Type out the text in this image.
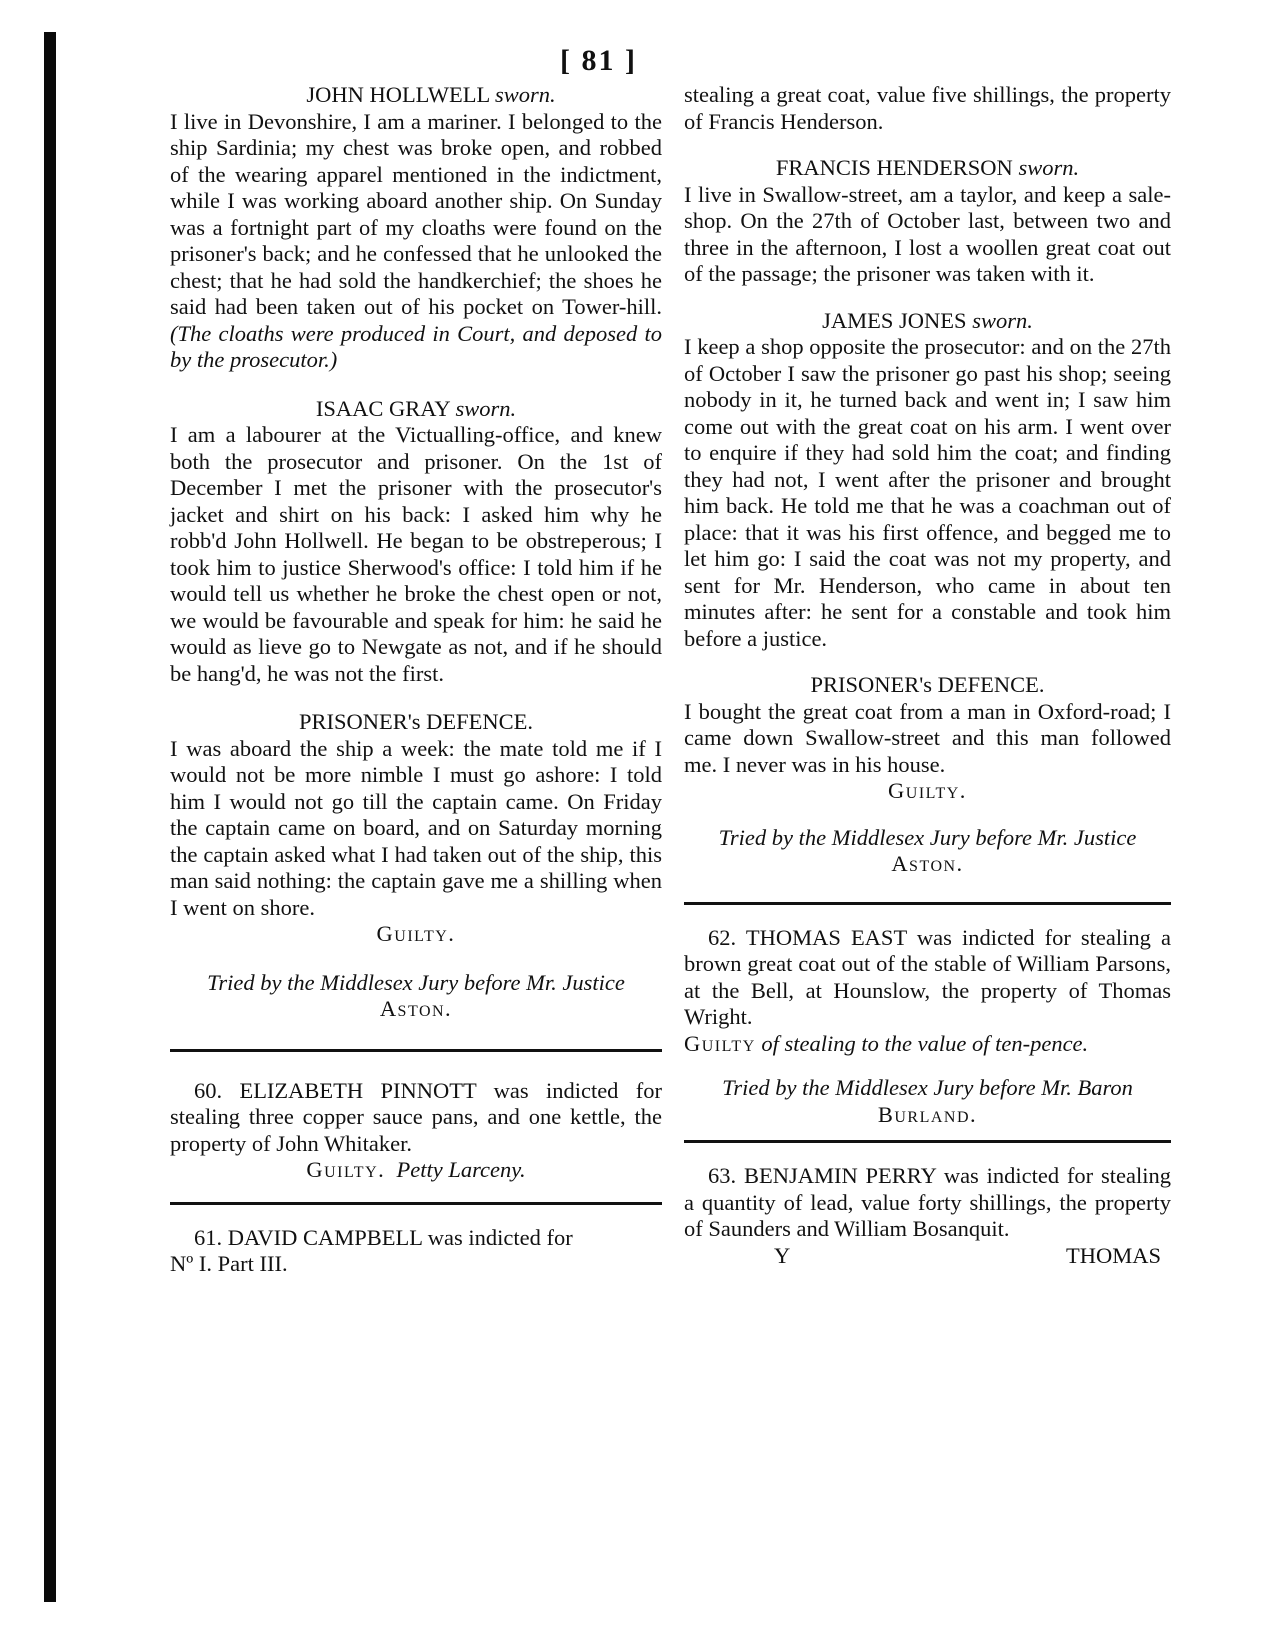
[ 81 ]

JOHN HOLLWELL sworn.

I live in Devonshire, I am a mariner. I belonged to the ship Sardinia; my chest was broke open, and robbed of the wearing apparel mentioned in the indictment, while I was working aboard another ship. On Sunday was a fortnight part of my cloaths were found on the prisoner's back; and he confessed that he unlooked the chest; that he had sold the handkerchief; the shoes he said had been taken out of his pocket on Tower-hill. (The cloaths were produced in Court, and deposed to by the prosecutor.)

ISAAC GRAY sworn.

I am a labourer at the Victualling-office, and knew both the prosecutor and prisoner. On the 1st of December I met the prisoner with the prosecutor's jacket and shirt on his back: I asked him why he robb'd John Hollwell. He began to be obstreperous; I took him to justice Sherwood's office: I told him if he would tell us whether he broke the chest open or not, we would be favourable and speak for him: he said he would as lieve go to Newgate as not, and if he should be hang'd, he was not the first.

PRISONER's DEFENCE.

I was aboard the ship a week: the mate told me if I would not be more nimble I must go ashore: I told him I would not go till the captain came. On Friday the captain came on board, and on Saturday morning the captain asked what I had taken out of the ship, this man said nothing: the captain gave me a shilling when I went on shore.

Guilty.

Tried by the Middlesex Jury before Mr. Justice

Aston.

60. ELIZABETH PINNOTT was indicted for stealing three copper sauce pans, and one kettle, the property of John Whitaker.

Guilty. Petty Larceny.

61. DAVID CAMPBELL was indicted for

Nº I. Part III.

stealing a great coat, value five shillings, the property of Francis Henderson.

FRANCIS HENDERSON sworn.

I live in Swallow-street, am a taylor, and keep a sale-shop. On the 27th of October last, between two and three in the afternoon, I lost a woollen great coat out of the passage; the prisoner was taken with it.

JAMES JONES sworn.

I keep a shop opposite the prosecutor: and on the 27th of October I saw the prisoner go past his shop; seeing nobody in it, he turned back and went in; I saw him come out with the great coat on his arm. I went over to enquire if they had sold him the coat; and finding they had not, I went after the prisoner and brought him back. He told me that he was a coachman out of place: that it was his first offence, and begged me to let him go: I said the coat was not my property, and sent for Mr. Henderson, who came in about ten minutes after: he sent for a constable and took him before a justice.

PRISONER's DEFENCE.

I bought the great coat from a man in Oxford-road; I came down Swallow-street and this man followed me. I never was in his house.

Guilty.

Tried by the Middlesex Jury before Mr. Justice

Aston.

62. THOMAS EAST was indicted for stealing a brown great coat out of the stable of William Parsons, at the Bell, at Hounslow, the property of Thomas Wright.

Guilty of stealing to the value of ten-pence.

Tried by the Middlesex Jury before Mr. Baron

Burland.

63. BENJAMIN PERRY was indicted for stealing a quantity of lead, value forty shillings, the property of Saunders and William Bosanquit.

Y	THOMAS
